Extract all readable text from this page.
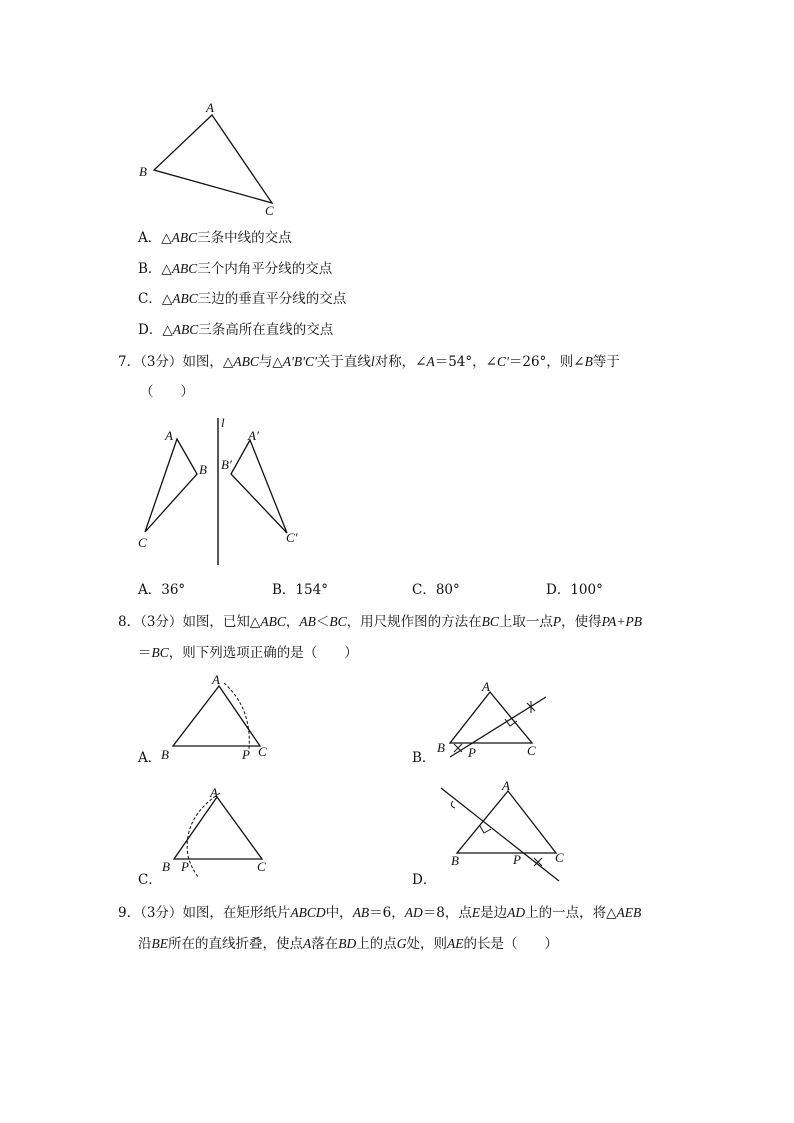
A
B
C
A．△ABC三条中线的交点
B．△ABC三个内角平分线的交点
C．△ABC三边的垂直平分线的交点
D．△ABC三条高所在直线的交点
7．（3分）如图，△ABC与△A'B'C'关于直线l对称，∠A＝54°，∠C'＝26°，则∠B等于
（　　）
A
B
C
l
A′
B′
C′
A．36°	B．154°	C．80°	D．100°
8．（3分）如图，已知△ABC，AB＜BC，用尺规作图的方法在BC上取一点P，使得PA+PB
＝BC，则下列选项正确的是（　　）
A
B	P C
A．
A
B P	C
B．
A
B P	C
C．
A
B	P	C
D．
9．（3分）如图，在矩形纸片ABCD中，AB＝6，AD＝8，点E是边AD上的一点，将△AEB
沿BE所在的直线折叠，使点A落在BD上的点G处，则AE的长是（　　）
